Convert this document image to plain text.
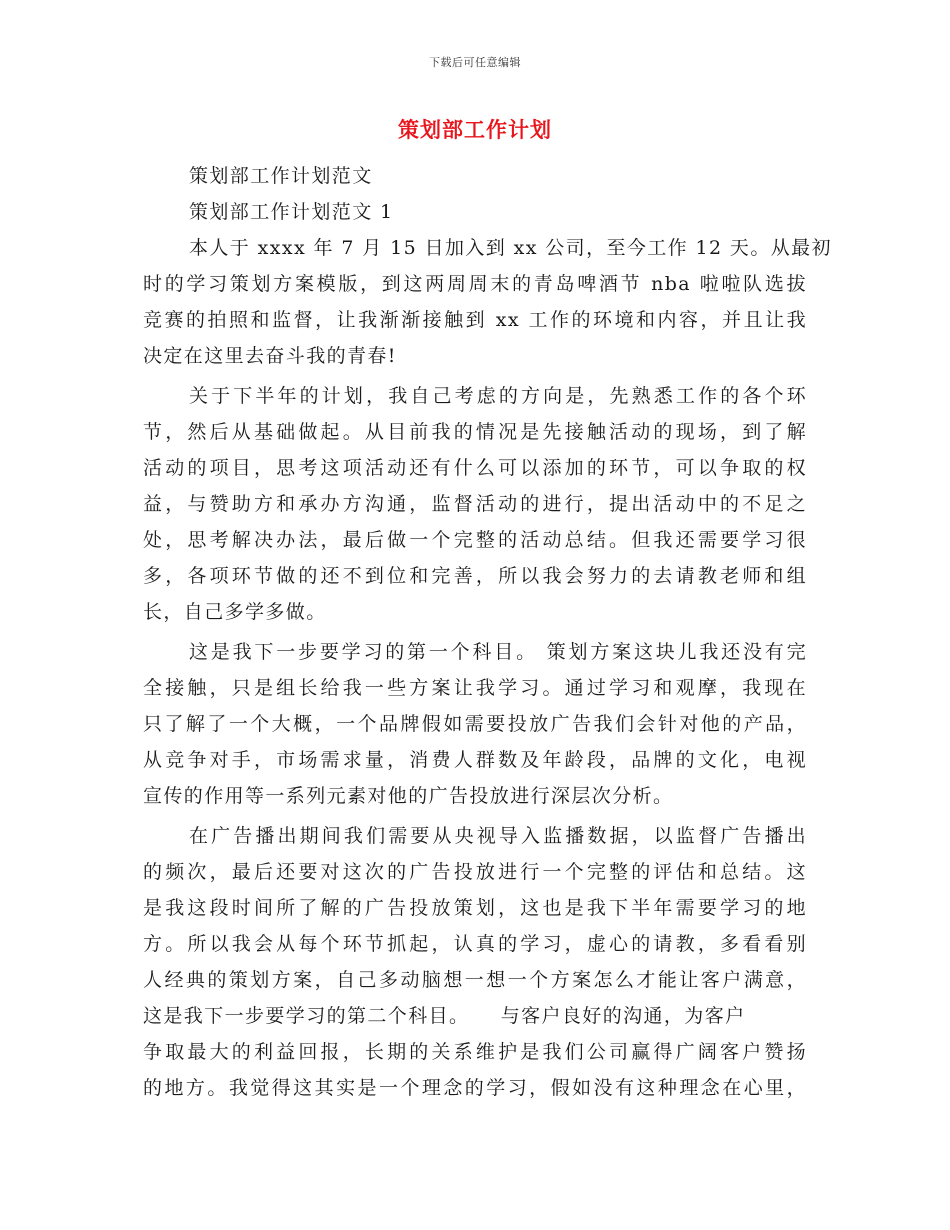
下载后可任意编辑
策划部工作计划
策划部工作计划范文
策划部工作计划范文 1
本人于 xxxx 年 7 月 15 日加入到 xx 公司，至今工作 12 天。从最初
时的学习策划方案模版，到这两周周末的青岛啤酒节 nba 啦啦队选拔
竞赛的拍照和监督，让我渐渐接触到 xx 工作的环境和内容，并且让我
决定在这里去奋斗我的青春!
关于下半年的计划，我自己考虑的方向是，先熟悉工作的各个环
节，然后从基础做起。从目前我的情况是先接触活动的现场，到了解
活动的项目，思考这项活动还有什么可以添加的环节，可以争取的权
益，与赞助方和承办方沟通，监督活动的进行，提出活动中的不足之
处，思考解决办法，最后做一个完整的活动总结。但我还需要学习很
多，各项环节做的还不到位和完善，所以我会努力的去请教老师和组
长，自己多学多做。
这是我下一步要学习的第一个科目。 策划方案这块儿我还没有完
全接触，只是组长给我一些方案让我学习。通过学习和观摩，我现在
只了解了一个大概，一个品牌假如需要投放广告我们会针对他的产品，
从竞争对手，市场需求量，消费人群数及年龄段，品牌的文化，电视
宣传的作用等一系列元素对他的广告投放进行深层次分析。
在广告播出期间我们需要从央视导入监播数据，以监督广告播出
的频次，最后还要对这次的广告投放进行一个完整的评估和总结。这
是我这段时间所了解的广告投放策划，这也是我下半年需要学习的地
方。所以我会从每个环节抓起，认真的学习，虚心的请教，多看看别
人经典的策划方案，自己多动脑想一想一个方案怎么才能让客户满意，
这是我下一步要学习的第二个科目。　　与客户良好的沟通，为客户
争取最大的利益回报，长期的关系维护是我们公司赢得广阔客户赞扬
的地方。我觉得这其实是一个理念的学习，假如没有这种理念在心里，
